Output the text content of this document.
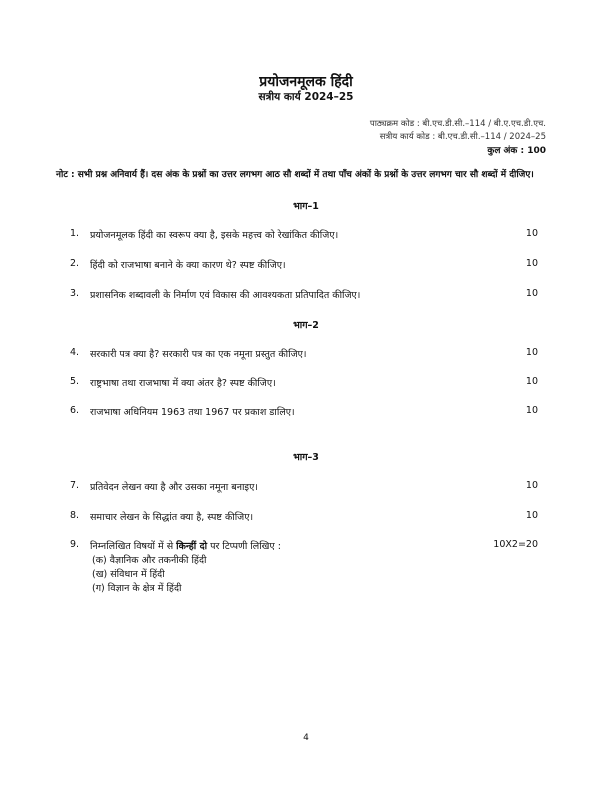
प्रयोजनमूलक हिंदी
सत्रीय कार्य 2024–25
पाठ्यक्रम कोड : बी.एच.डी.सी.–114 / बी.ए.एच.डी.एच.
सत्रीय कार्य कोड : बी.एच.डी.सी.–114 / 2024–25
कुल अंक : 100
नोट : सभी प्रश्न अनिवार्य हैं। दस अंक के प्रश्नों का उत्तर लगभग आठ सौ शब्दों में तथा पाँच अंकों के प्रश्नों के उत्तर लगभग चार सौ शब्दों में दीजिए।
भाग–1
1. प्रयोजनमूलक हिंदी का स्वरूप क्या है, इसके महत्त्व को रेखांकित कीजिए।	10
2. हिंदी को राजभाषा बनाने के क्या कारण थे? स्पष्ट कीजिए।	10
3. प्रशासनिक शब्दावली के निर्माण एवं विकास की आवश्यकता प्रतिपादित कीजिए।	10
भाग–2
4. सरकारी पत्र क्या है? सरकारी पत्र का एक नमूना प्रस्तुत कीजिए।	10
5. राष्ट्रभाषा तथा राजभाषा में क्या अंतर है? स्पष्ट कीजिए।	10
6. राजभाषा अधिनियम 1963 तथा 1967 पर प्रकाश डालिए।	10
भाग–3
7. प्रतिवेदन लेखन क्या है और उसका नमूना बनाइए।	10
8. समाचार लेखन के सिद्धांत क्या है, स्पष्ट कीजिए।	10
9. निम्नलिखित विषयों में से किन्हीं दो पर टिप्पणी लिखिए :	10X2=20
(क) वैज्ञानिक और तकनीकी हिंदी
(ख) संविधान में हिंदी
(ग) विज्ञान के क्षेत्र में हिंदी
4
